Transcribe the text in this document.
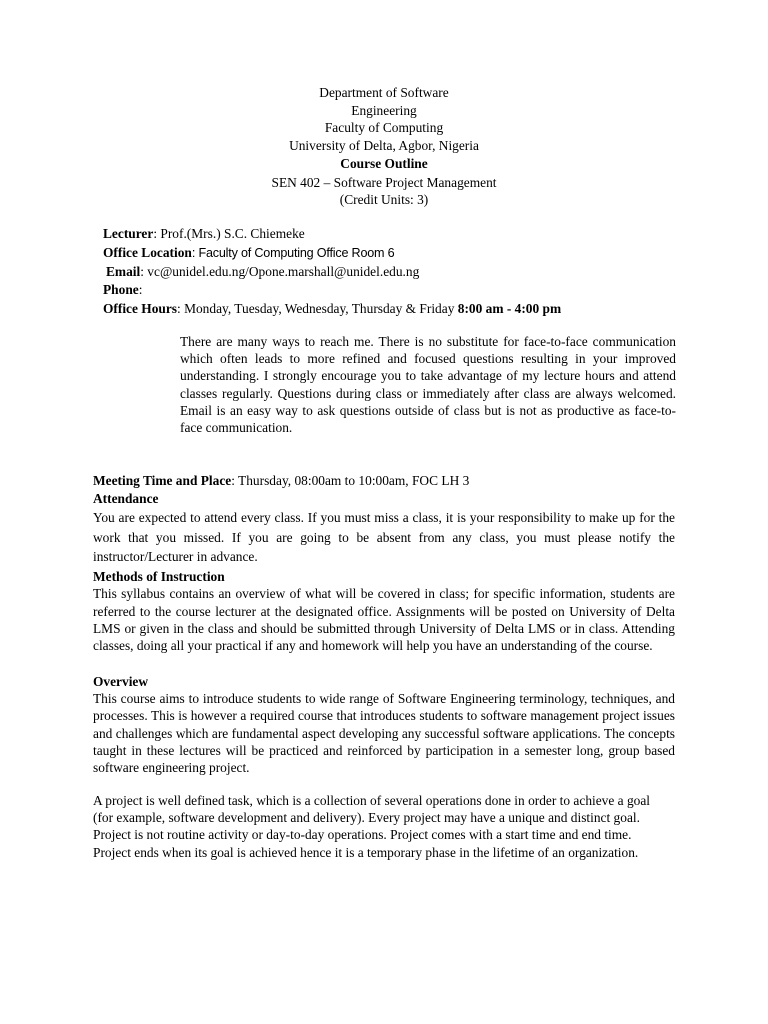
Department of Software
Engineering
Faculty of Computing
University of Delta, Agbor, Nigeria
Course Outline
SEN 402 – Software Project Management
(Credit Units: 3)
Lecturer: Prof.(Mrs.) S.C. Chiemeke
Office Location: Faculty of Computing Office Room 6
Email: vc@unidel.edu.ng/Opone.marshall@unidel.edu.ng
Phone:
Office Hours: Monday, Tuesday, Wednesday, Thursday & Friday 8:00 am - 4:00 pm
There are many ways to reach me. There is no substitute for face-to-face communication which often leads to more refined and focused questions resulting in your improved understanding. I strongly encourage you to take advantage of my lecture hours and attend classes regularly. Questions during class or immediately after class are always welcomed. Email is an easy way to ask questions outside of class but is not as productive as face-to-face communication.
Meeting Time and Place: Thursday, 08:00am to 10:00am, FOC LH 3
Attendance
You are expected to attend every class. If you must miss a class, it is your responsibility to make up for the work that you missed. If you are going to be absent from any class, you must please notify the instructor/Lecturer in advance.
Methods of Instruction
This syllabus contains an overview of what will be covered in class; for specific information, students are referred to the course lecturer at the designated office. Assignments will be posted on University of Delta LMS or given in the class and should be submitted through University of Delta LMS or in class. Attending classes, doing all your practical if any and homework will help you have an understanding of the course.
Overview
This course aims to introduce students to wide range of Software Engineering terminology, techniques, and processes. This is however a required course that introduces students to software management project issues and challenges which are fundamental aspect developing any successful software applications. The concepts taught in these lectures will be practiced and reinforced by participation in a semester long, group based software engineering project.
A project is well defined task, which is a collection of several operations done in order to achieve a goal (for example, software development and delivery). Every project may have a unique and distinct goal. Project is not routine activity or day-to-day operations. Project comes with a start time and end time. Project ends when its goal is achieved hence it is a temporary phase in the lifetime of an organization.
